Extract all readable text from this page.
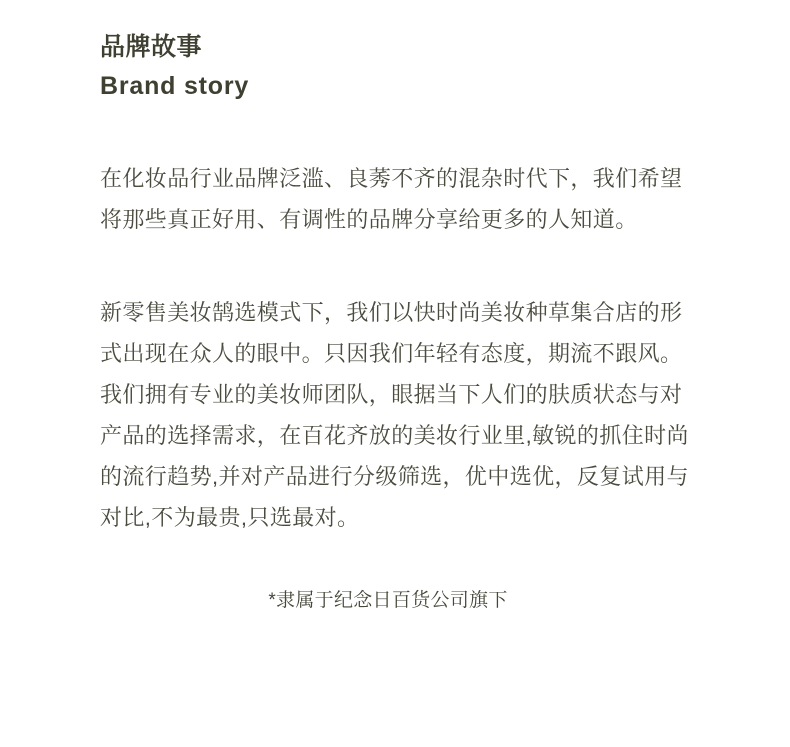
品牌故事
Brand story

在化妆品行业品牌泛滥、良莠不齐的混杂时代下，我们希望将那些真正好用、有调性的品牌分享给更多的人知道。

新零售美妆鹄选模式下，我们以快时尚美妆种草集合店的形式出现在众人的眼中。只因我们年轻有态度，期流不跟风。我们拥有专业的美妆师团队，眼据当下人们的肤质状态与对产品的选择需求，在百花齐放的美妆行业里,敏锐的抓住时尚的流行趋势,并对产品进行分级筛选，优中选优，反复试用与对比,不为最贵,只选最对。

*隶属于纪念日百货公司旗下
